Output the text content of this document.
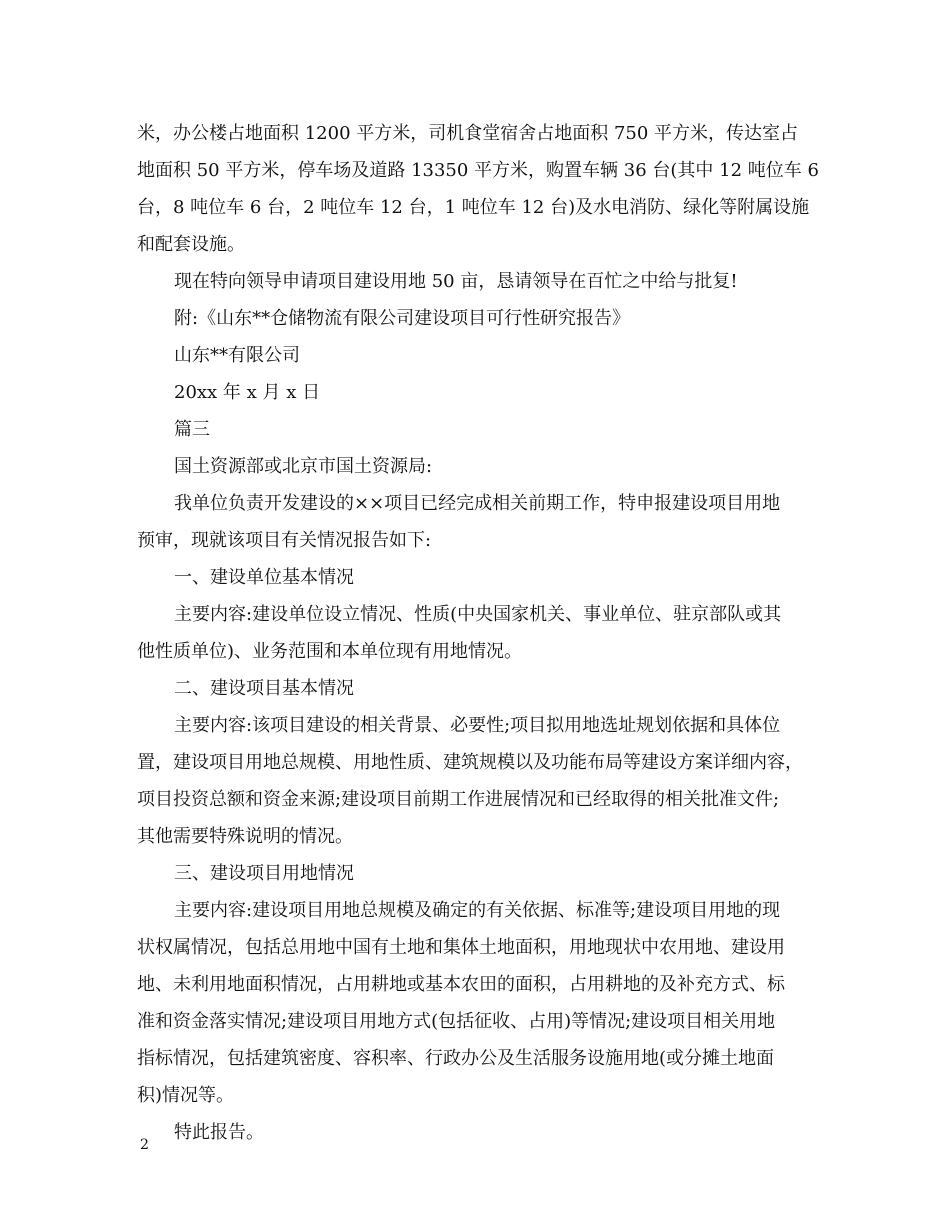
米，办公楼占地面积 1200 平方米，司机食堂宿舍占地面积 750 平方米，传达室占
地面积 50 平方米，停车场及道路 13350 平方米，购置车辆 36 台(其中 12 吨位车 6
台，8 吨位车 6 台，2 吨位车 12 台，1 吨位车 12 台)及水电消防、绿化等附属设施
和配套设施。
现在特向领导申请项目建设用地 50 亩，恳请领导在百忙之中给与批复!
附:《山东**仓储物流有限公司建设项目可行性研究报告》
山东**有限公司
20xx 年 x 月 x 日
篇三
国土资源部或北京市国土资源局:
我单位负责开发建设的××项目已经完成相关前期工作，特申报建设项目用地
预审，现就该项目有关情况报告如下:
一、建设单位基本情况
主要内容:建设单位设立情况、性质(中央国家机关、事业单位、驻京部队或其
他性质单位)、业务范围和本单位现有用地情况。
二、建设项目基本情况
主要内容:该项目建设的相关背景、必要性;项目拟用地选址规划依据和具体位
置，建设项目用地总规模、用地性质、建筑规模以及功能布局等建设方案详细内容，
项目投资总额和资金来源;建设项目前期工作进展情况和已经取得的相关批准文件;
其他需要特殊说明的情况。
三、建设项目用地情况
主要内容:建设项目用地总规模及确定的有关依据、标准等;建设项目用地的现
状权属情况，包括总用地中国有土地和集体土地面积，用地现状中农用地、建设用
地、未利用地面积情况，占用耕地或基本农田的面积，占用耕地的及补充方式、标
准和资金落实情况;建设项目用地方式(包括征收、占用)等情况;建设项目相关用地
指标情况，包括建筑密度、容积率、行政办公及生活服务设施用地(或分摊土地面
积)情况等。
特此报告。
2
